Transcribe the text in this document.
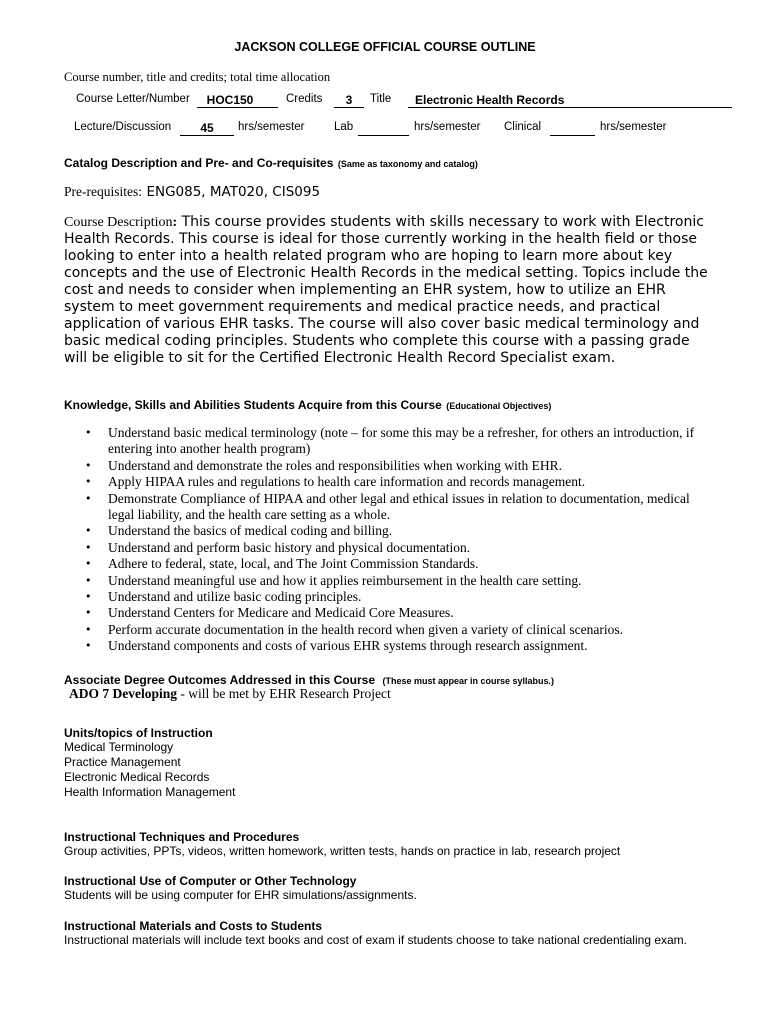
JACKSON COLLEGE OFFICIAL COURSE OUTLINE
Course number, title and credits; total time allocation
Course Letter/Number	HOC150	Credits	3	Title Electronic Health Records
Lecture/Discussion	45	hrs/semester	Lab	hrs/semester Clinical	hrs/semester
Catalog Description and Pre- and Co-requisites (Same as taxonomy and catalog)
Pre-requisites: ENG085, MAT020, CIS095
Course Description: This course provides students with skills necessary to work with Electronic Health Records. This course is ideal for those currently working in the health field or those looking to enter into a health related program who are hoping to learn more about key concepts and the use of Electronic Health Records in the medical setting. Topics include the cost and needs to consider when implementing an EHR system, how to utilize an EHR system to meet government requirements and medical practice needs, and practical application of various EHR tasks. The course will also cover basic medical terminology and basic medical coding principles. Students who complete this course with a passing grade will be eligible to sit for the Certified Electronic Health Record Specialist exam.
Knowledge, Skills and Abilities Students Acquire from this Course (Educational Objectives)
• Understand basic medical terminology (note – for some this may be a refresher, for others an introduction, if entering into another health program)
• Understand and demonstrate the roles and responsibilities when working with EHR.
• Apply HIPAA rules and regulations to health care information and records management.
• Demonstrate Compliance of HIPAA and other legal and ethical issues in relation to documentation, medical legal liability, and the health care setting as a whole.
• Understand the basics of medical coding and billing.
• Understand and perform basic history and physical documentation.
• Adhere to federal, state, local, and The Joint Commission Standards.
• Understand meaningful use and how it applies reimbursement in the health care setting.
• Understand and utilize basic coding principles.
• Understand Centers for Medicare and Medicaid Core Measures.
• Perform accurate documentation in the health record when given a variety of clinical scenarios.
• Understand components and costs of various EHR systems through research assignment.
Associate Degree Outcomes Addressed in this Course (These must appear in course syllabus.)
ADO 7 Developing - will be met by EHR Research Project
Units/topics of Instruction
Medical Terminology
Practice Management
Electronic Medical Records
Health Information Management
Instructional Techniques and Procedures
Group activities, PPTs, videos, written homework, written tests, hands on practice in lab, research project
Instructional Use of Computer or Other Technology
Students will be using computer for EHR simulations/assignments.
Instructional Materials and Costs to Students
Instructional materials will include text books and cost of exam if students choose to take national credentialing exam.
